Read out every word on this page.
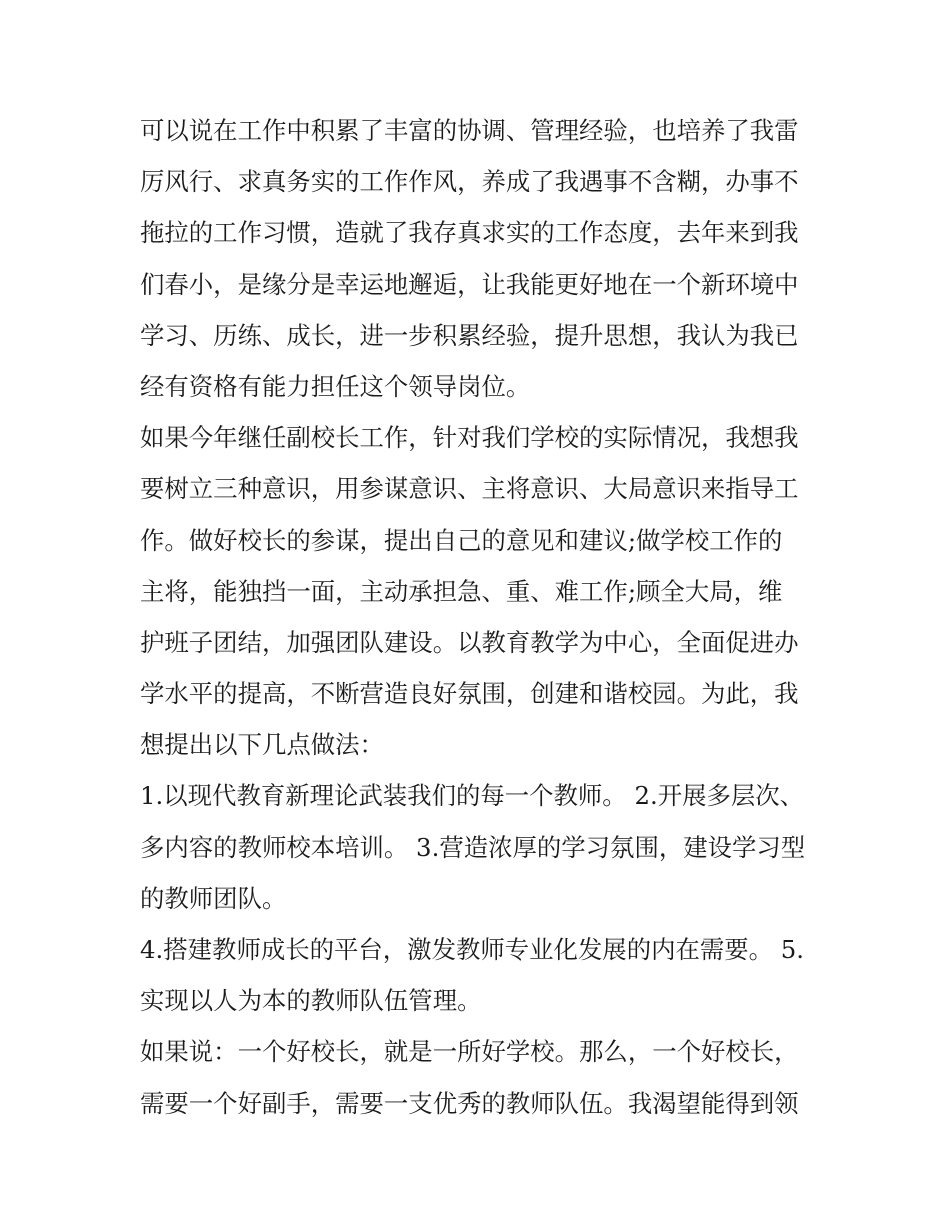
可以说在工作中积累了丰富的协调、管理经验，也培养了我雷
厉风行、求真务实的工作作风，养成了我遇事不含糊，办事不
拖拉的工作习惯，造就了我存真求实的工作态度，去年来到我
们春小，是缘分是幸运地邂逅，让我能更好地在一个新环境中
学习、历练、成长，进一步积累经验，提升思想，我认为我已
经有资格有能力担任这个领导岗位。
如果今年继任副校长工作，针对我们学校的实际情况，我想我
要树立三种意识，用参谋意识、主将意识、大局意识来指导工
作。做好校长的参谋，提出自己的意见和建议;做学校工作的
主将，能独挡一面，主动承担急、重、难工作;顾全大局，维
护班子团结，加强团队建设。以教育教学为中心，全面促进办
学水平的提高，不断营造良好氛围，创建和谐校园。为此，我
想提出以下几点做法：
1.以现代教育新理论武装我们的每一个教师。 2.开展多层次、
多内容的教师校本培训。 3.营造浓厚的学习氛围，建设学习型
的教师团队。
4.搭建教师成长的平台，激发教师专业化发展的内在需要。 5.
实现以人为本的教师队伍管理。
如果说：一个好校长，就是一所好学校。那么，一个好校长，
需要一个好副手，需要一支优秀的教师队伍。我渴望能得到领
